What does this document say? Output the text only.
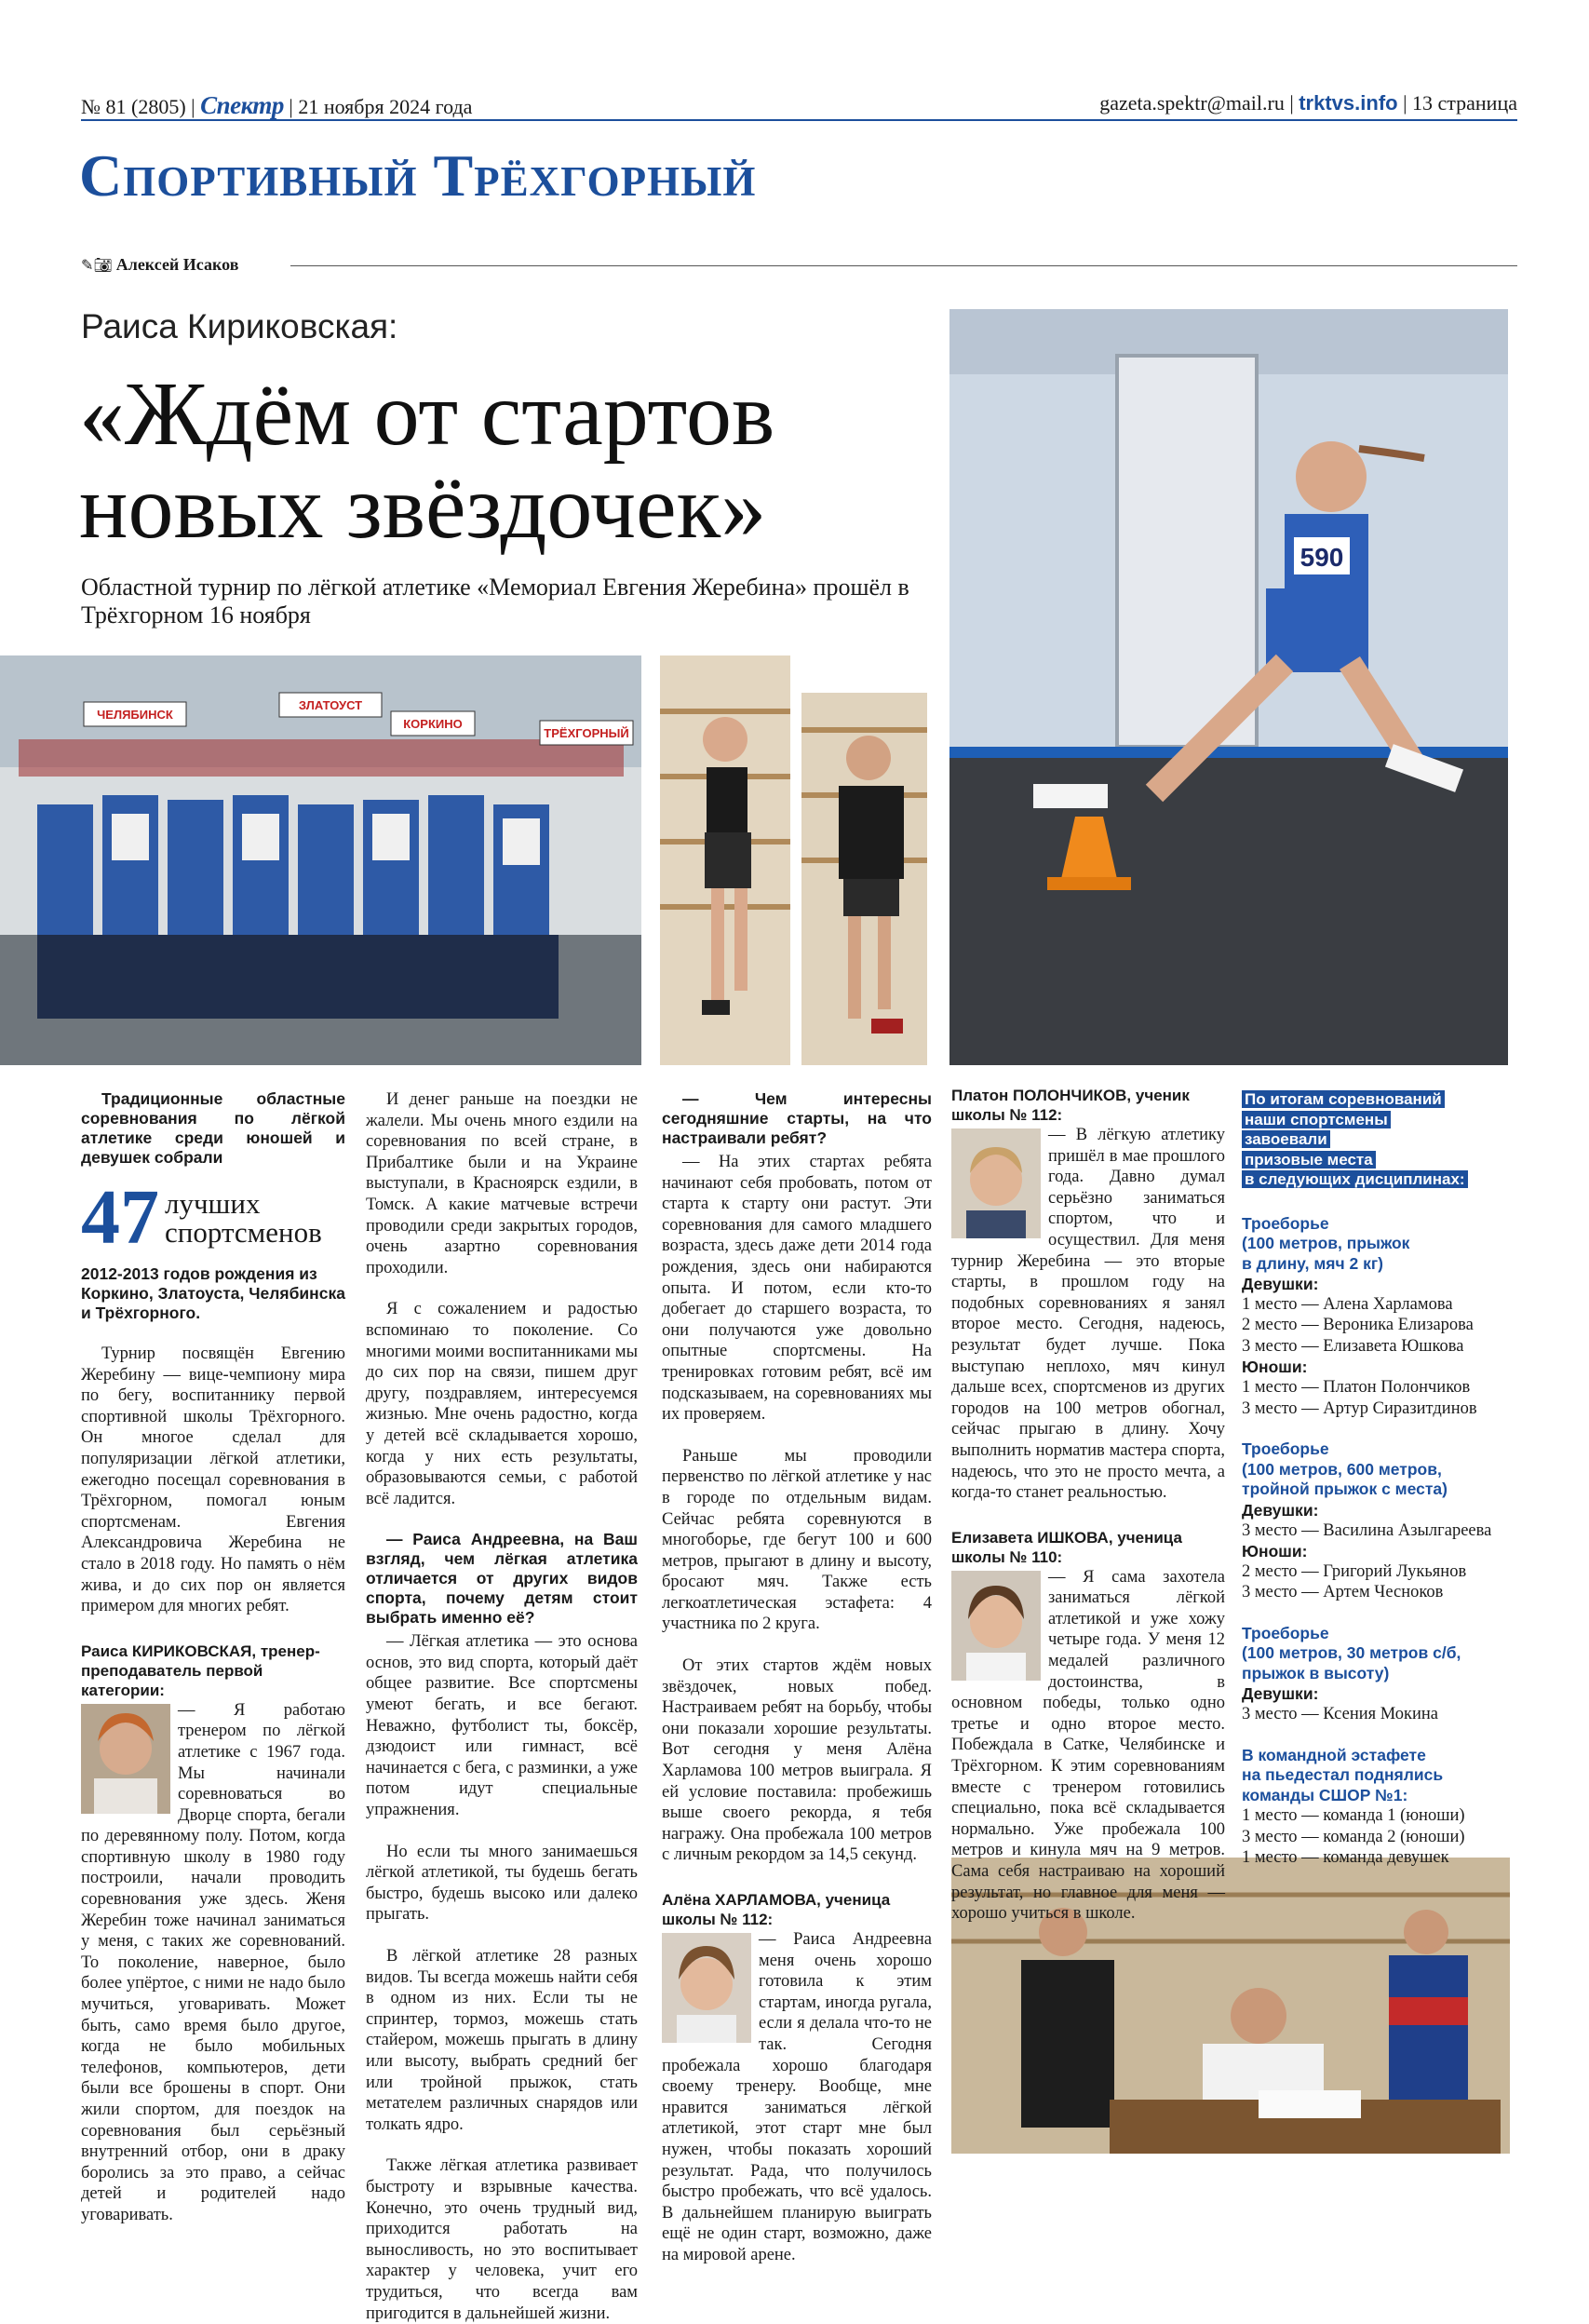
№ 81 (2805) | Спектр | 21 ноября 2024 года	gazeta.spektr@mail.ru | trktvs.info | 13 страница
Спортивный Трёхгорный
✎📷︎ Алексей Исаков
Раиса Кириковская:
«Ждём от стартов новых звёздочек»
Областной турнир по лёгкой атлетике «Мемориал Евгения Жеребина» прошёл в Трёхгорном 16 ноября
ЧЕЛЯБИНСК
ЗЛАТОУСТ
КОРКИНО
ТРЁХГОРНЫЙ
590

Традиционные областные соревнования по лёгкой атлетике среди юношей и девушек собрали

47 лучших спортсменов

2012-2013 годов рождения из Коркино, Златоуста, Челябинска и Трёхгорного.

Турнир посвящён Евгению Жеребину — вице-чемпиону мира по бегу, воспитаннику первой спортивной школы Трёхгорного. Он многое сделал для популяризации лёгкой атлетики, ежегодно посещал соревнования в Трёхгорном, помогал юным спортсменам. Евгения Александровича Жеребина не стало в 2018 году. Но память о нём жива, и до сих пор он является примером для многих ребят.

Раиса КИРИКОВСКАЯ, тренер-преподаватель первой категории:

— Я работаю тренером по лёгкой атлетике с 1967 года. Мы начинали соревноваться во Дворце спорта, бегали по деревянному полу. Потом, когда спортивную школу в 1980 году построили, начали проводить соревнования уже здесь. Женя Жеребин тоже начинал заниматься у меня, с таких же соревнований. То поколение, наверное, было более упёртое, с ними не надо было мучиться, уговаривать. Может быть, само время было другое, когда не было мобильных телефонов, компьютеров, дети были все брошены в спорт. Они жили спортом, для поездок на соревнования был серьёзный внутренний отбор, они в драку боролись за это право, а сейчас детей и родителей надо уговаривать.

И денег раньше на поездки не жалели. Мы очень много ездили на соревнования по всей стране, в Прибалтике были и на Украине выступали, в Красноярск ездили, в Томск. А какие матчевые встречи проводили среди закрытых городов, очень азартно соревнования проходили.

Я с сожалением и радостью вспоминаю то поколение. Со многими моими воспитанниками мы до сих пор на связи, пишем друг другу, поздравляем, интересуемся жизнью. Мне очень радостно, когда у детей всё складывается хорошо, когда у них есть результаты, образовываются семьи, с работой всё ладится.

— Раиса Андреевна, на Ваш взгляд, чем лёгкая атлетика отличается от других видов спорта, почему детям стоит выбрать именно её?

— Лёгкая атлетика — это основа основ, это вид спорта, который даёт общее развитие. Все спортсмены умеют бегать, и все бегают. Неважно, футболист ты, боксёр, дзюдоист или гимнаст, всё начинается с бега, с разминки, а уже потом идут специальные упражнения.

Но если ты много занимаешься лёгкой атлетикой, ты будешь бегать быстро, будешь высоко или далеко прыгать.

В лёгкой атлетике 28 разных видов. Ты всегда можешь найти себя в одном из них. Если ты не спринтер, тормоз, можешь стать стайером, можешь прыгать в длину или высоту, выбрать средний бег или тройной прыжок, стать метателем различных снарядов или толкать ядро.

Также лёгкая атлетика развивает быстроту и взрывные качества. Конечно, это очень трудный вид, приходится работать на выносливость, но это воспитывает характер у человека, учит его трудиться, что всегда вам пригодится в дальнейшей жизни.

— Чем интересны сегодняшние старты, на что настраивали ребят?

— На этих стартах ребята начинают себя пробовать, потом от старта к старту они растут. Эти соревнования для самого младшего возраста, здесь даже дети 2014 года рождения, здесь они набираются опыта. И потом, если кто-то добегает до старшего возраста, то они получаются уже довольно опытные спортсмены. На тренировках готовим ребят, всё им подсказываем, на соревнованиях мы их проверяем.

Раньше мы проводили первенство по лёгкой атлетике у нас в городе по отдельным видам. Сейчас ребята соревнуются в многоборье, где бегут 100 и 600 метров, прыгают в длину и высоту, бросают мяч. Также есть легкоатлетическая эстафета: 4 участника по 2 круга.

От этих стартов ждём новых звёздочек, новых побед. Настраиваем ребят на борьбу, чтобы они показали хорошие результаты. Вот сегодня у меня Алёна Харламова 100 метров выиграла. Я ей условие поставила: пробежишь выше своего рекорда, я тебя награжу. Она пробежала 100 метров с личным рекордом за 14,5 секунд.

Алёна ХАРЛАМОВА, ученица школы № 112:

— Раиса Андреевна меня очень хорошо готовила к этим стартам, иногда ругала, если я делала что-то не так. Сегодня пробежала хорошо благодаря своему тренеру. Вообще, мне нравится заниматься лёгкой атлетикой, этот старт мне был нужен, чтобы показать хороший результат. Рада, что получилось быстро пробежать, что всё удалось. В дальнейшем планирую выиграть ещё не один старт, возможно, даже на мировой арене.

Платон ПОЛОНЧИКОВ, ученик школы № 112:

— В лёгкую атлетику пришёл в мае прошлого года. Давно думал серьёзно заниматься спортом, что и осуществил. Для меня турнир Жеребина — это вторые старты, в прошлом году на подобных соревнованиях я занял второе место. Сегодня, надеюсь, результат будет лучше. Пока выступаю неплохо, мяч кинул дальше всех, спортсменов из других городов на 100 метров обогнал, сейчас прыгаю в длину. Хочу выполнить норматив мастера спорта, надеюсь, что это не просто мечта, а когда-то станет реальностью.

Елизавета ИШКОВА, ученица школы № 110:

— Я сама захотела заниматься лёгкой атлетикой и уже хожу четыре года. У меня 12 медалей различного достоинства, в основном победы, только одно третье и одно второе место. Побеждала в Сатке, Челябинске и Трёхгорном. К этим соревнованиям вместе с тренером готовились специально, пока всё складывается нормально. Уже пробежала 100 метров и кинула мяч на 9 метров. Сама себя настраиваю на хороший результат, но главное для меня — хорошо учиться в школе.

По итогам соревнований
наши спортсмены
завоевали
призовые места
в следующих дисциплинах:
Троеборье
(100 метров, прыжок
в длину, мяч 2 кг)
Девушки:
1 место — Алена Харламова
2 место — Вероника Елизарова
3 место — Елизавета Юшкова
Юноши:
1 место — Платон Полончиков
3 место — Артур Сиразитдинов
Троеборье
(100 метров, 600 метров,
тройной прыжок с места)
Девушки:
3 место — Василина Азылгареева
Юноши:
2 место — Григорий Лукьянов
3 место — Артем Чесноков
Троеборье
(100 метров, 30 метров с/б,
прыжок в высоту)
Девушки:
3 место — Ксения Мокина
В командной эстафете
на пьедестал поднялись
команды СШОР №1:
1 место — команда 1 (юноши)
3 место — команда 2 (юноши)
1 место — команда девушек
